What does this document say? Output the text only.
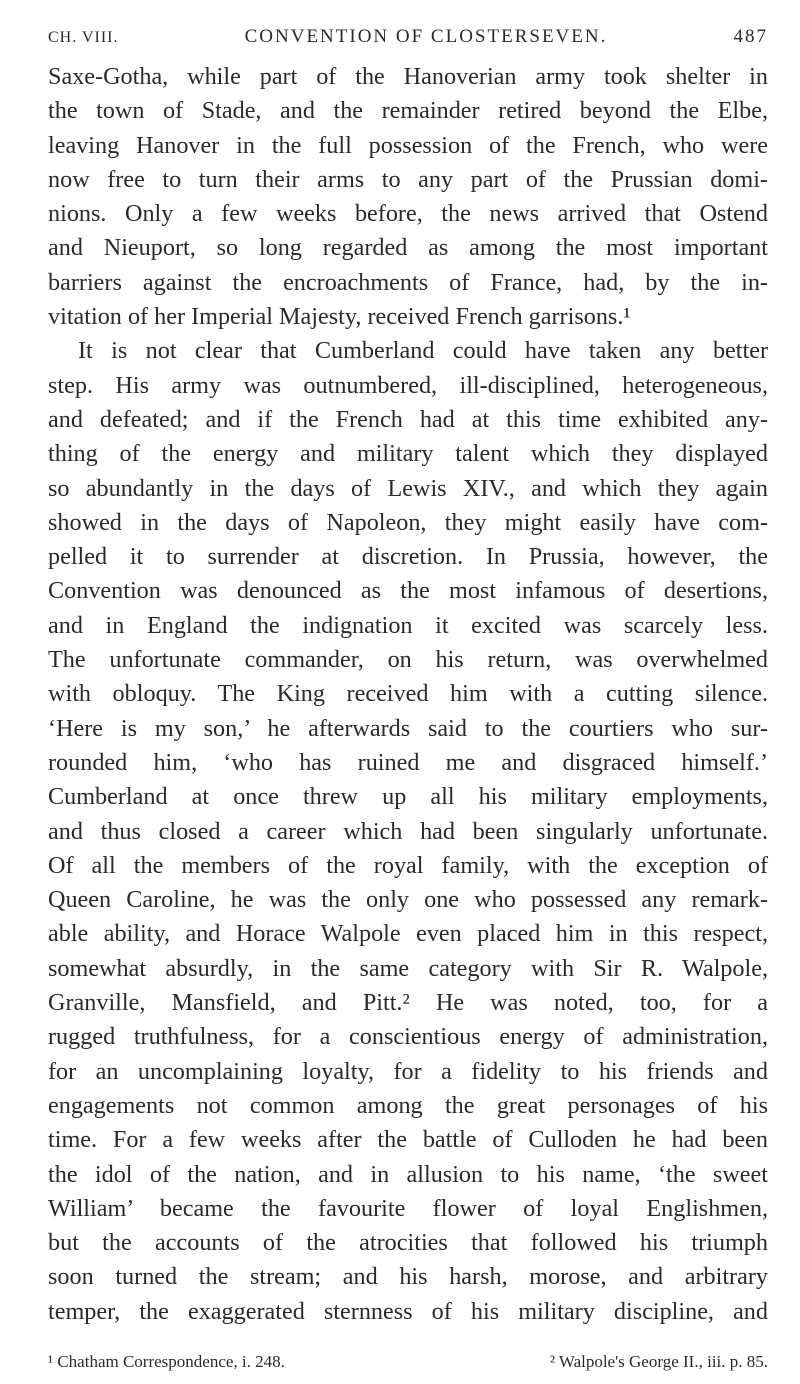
CH. VIII.	CONVENTION OF CLOSTERSEVEN.	487
Saxe-Gotha, while part of the Hanoverian army took shelter in
the town of Stade, and the remainder retired beyond the Elbe,
leaving Hanover in the full possession of the French, who were
now free to turn their arms to any part of the Prussian domi-
nions. Only a few weeks before, the news arrived that Ostend
and Nieuport, so long regarded as among the most important
barriers against the encroachments of France, had, by the in-
vitation of her Imperial Majesty, received French garrisons.¹
It is not clear that Cumberland could have taken any better
step. His army was outnumbered, ill-disciplined, heterogeneous,
and defeated; and if the French had at this time exhibited any-
thing of the energy and military talent which they displayed
so abundantly in the days of Lewis XIV., and which they again
showed in the days of Napoleon, they might easily have com-
pelled it to surrender at discretion. In Prussia, however, the
Convention was denounced as the most infamous of desertions,
and in England the indignation it excited was scarcely less.
The unfortunate commander, on his return, was overwhelmed
with obloquy. The King received him with a cutting silence.
‘Here is my son,’ he afterwards said to the courtiers who sur-
rounded him, ‘who has ruined me and disgraced himself.’
Cumberland at once threw up all his military employments,
and thus closed a career which had been singularly unfortunate.
Of all the members of the royal family, with the exception of
Queen Caroline, he was the only one who possessed any remark-
able ability, and Horace Walpole even placed him in this respect,
somewhat absurdly, in the same category with Sir R. Walpole,
Granville, Mansfield, and Pitt.² He was noted, too, for a
rugged truthfulness, for a conscientious energy of administration,
for an uncomplaining loyalty, for a fidelity to his friends and
engagements not common among the great personages of his
time. For a few weeks after the battle of Culloden he had been
the idol of the nation, and in allusion to his name, ‘the sweet
William’ became the favourite flower of loyal Englishmen,
but the accounts of the atrocities that followed his triumph
soon turned the stream; and his harsh, morose, and arbitrary
temper, the exaggerated sternness of his military discipline, and
¹ Chatham Correspondence, i. 248.	² Walpole's George II., iii. p. 85.
